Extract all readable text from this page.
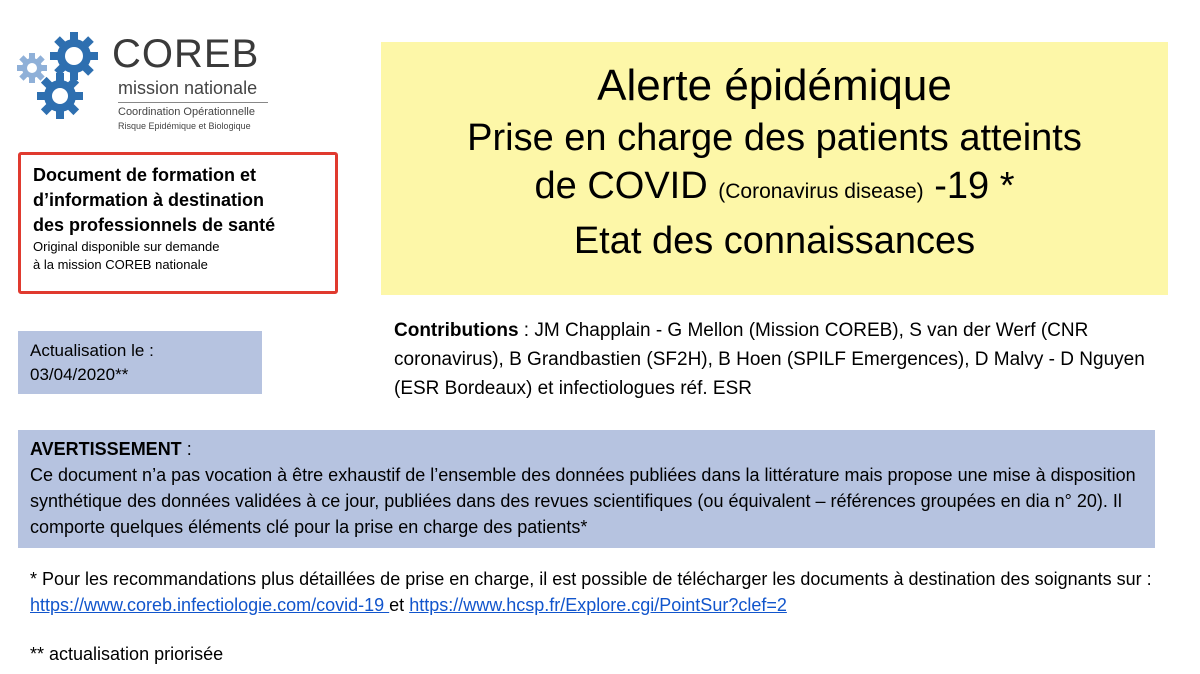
COREB
mission nationale
Coordination Opérationnelle
Risque Epidémique et Biologique
Document de formation et
d’information à destination
des professionnels de santé
Original disponible sur demande
à la mission COREB nationale
Actualisation le :
03/04/2020**
Alerte épidémique
Prise en charge des patients atteints
de COVID (Coronavirus disease) -19 *
Etat des connaissances
Contributions : JM Chapplain - G Mellon (Mission COREB), S van der Werf (CNR coronavirus), B Grandbastien (SF2H), B Hoen (SPILF Emergences), D Malvy - D Nguyen (ESR Bordeaux) et infectiologues réf. ESR
AVERTISSEMENT :
Ce document n’a pas vocation à être exhaustif de l’ensemble des données publiées dans la littérature mais propose une mise à disposition synthétique des données validées à ce jour, publiées dans des revues scientifiques (ou équivalent – références groupées en dia n° 20). Il comporte quelques éléments clé pour la prise en charge des patients*
* Pour les recommandations plus détaillées de prise en charge, il est possible de télécharger les documents à destination des soignants sur : https://www.coreb.infectiologie.com/covid-19 et https://www.hcsp.fr/Explore.cgi/PointSur?clef=2
** actualisation priorisée
